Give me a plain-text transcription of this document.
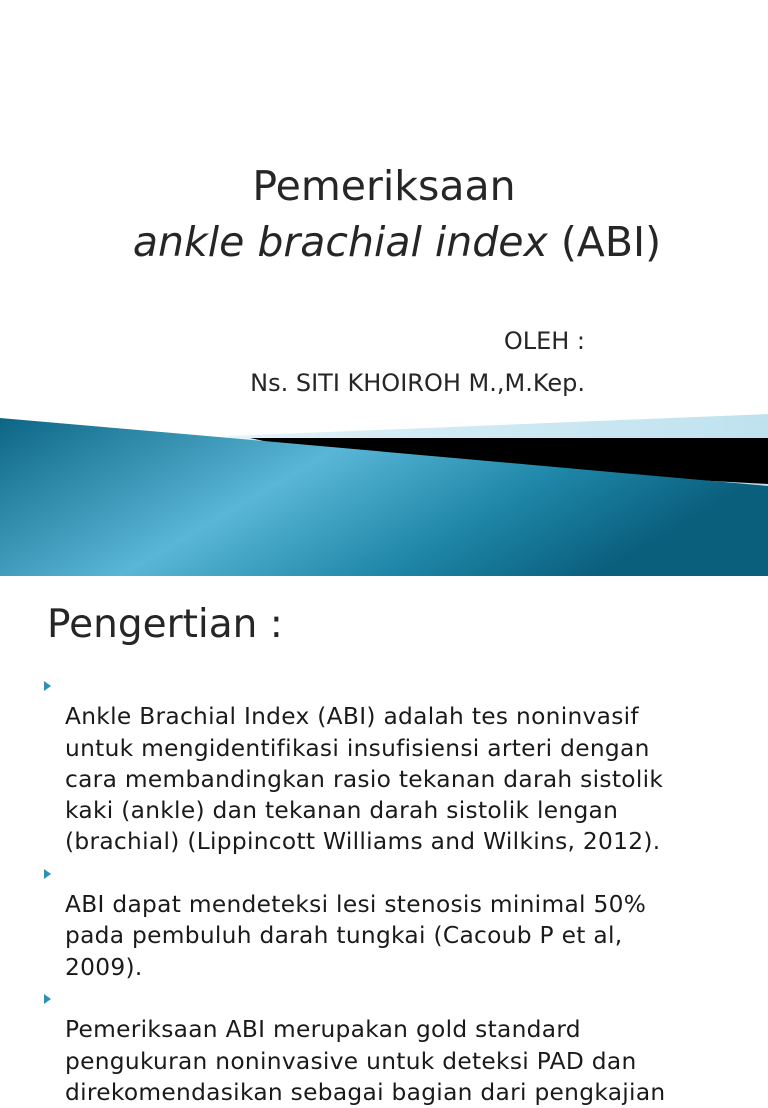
Pemeriksaan
ankle brachial index (ABI)
OLEH :
Ns. SITI KHOIROH M.,M.Kep.
Pengertian :

Ankle Brachial Index (ABI) adalah tes noninvasif
untuk mengidentifikasi insufisiensi arteri dengan
cara membandingkan rasio tekanan darah sistolik
kaki (ankle) dan tekanan darah sistolik lengan
(brachial) (Lippincott Williams and Wilkins, 2012).

ABI dapat mendeteksi lesi stenosis minimal 50%
pada pembuluh darah tungkai (Cacoub P et al,
2009).

Pemeriksaan ABI merupakan gold standard
pengukuran noninvasive untuk deteksi PAD dan
direkomendasikan sebagai bagian dari pengkajian
